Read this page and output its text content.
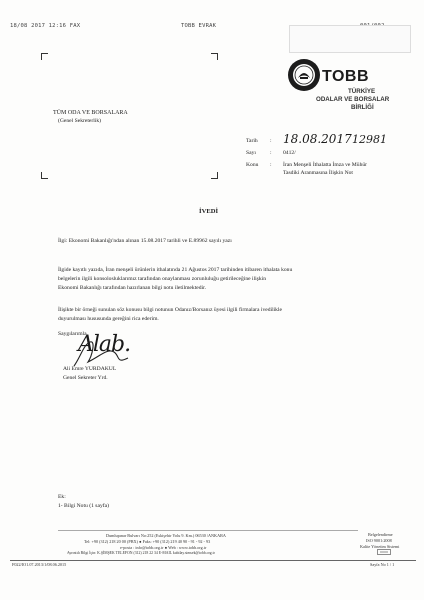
18/08 2017 12:16 FAX	TOBB EVRAK
TOBB
TÜRKİYE
ODALAR VE BORSALAR
BİRLİĞİ
TÜM ODA VE BORSALARA
(Genel Sekreterlik)
Tarih : 18.08.2017 12981
Sayı	: 0412/
Konu : İran Menşeli İthalatta İmza ve Mühür
Tasdiki Aranmasına İlişkin Not
İVEDİ
İlgi: Ekonomi Bakanlığı'ndan alınan 15.08.2017 tarihli ve E.89962 sayılı yazı
İlgide kayıtlı yazıda, İran menşeli ürünlerin ithalatında 21 Ağustos 2017 tarihinden itibaren ithalata konu
belgelerin ilgili konsolosluklarımız tarafından onaylanması zorunluluğu getirileceğine ilişkin
Ekonomi Bakanlığı tarafından hazırlanan bilgi notu iletilmektedir.
İlişikte bir örneği sunulan söz konusu bilgi notunun Odanız/Borsanız üyesi ilgili firmalara ivedilikle
duyurulması hususunda gereğini rica ederim.
Saygılarımla,
Alab.
Ali Emre YURDAKUL
Genel Sekreter Yrd.
Ek:
1- Bilgi Notu (1 sayfa)
Dumlupınar Bulvarı No:252 (Eskişehir Yolu 9. Km.) 06530 /ANKARA
Tel: +90 (312) 218 20 00 (PBX) ● Faks: +90 (312) 219 40 90 - 91 - 92 - 93
e-posta : info@tobb.org.tr ● Web : www.tobb.org.tr
Ayrıntılı Bilgi İçin: K.ŞİMŞEK TELEFON (312) 218 22 34 E-MAIL kubilay.simsek@tobb.org.tr
Belgelendirme
ISO 9001:2008
Kalite Yönetim Sistemi
F022/IO1.07.2013/1/08.06.2015	Sayfa No 1 / 1
